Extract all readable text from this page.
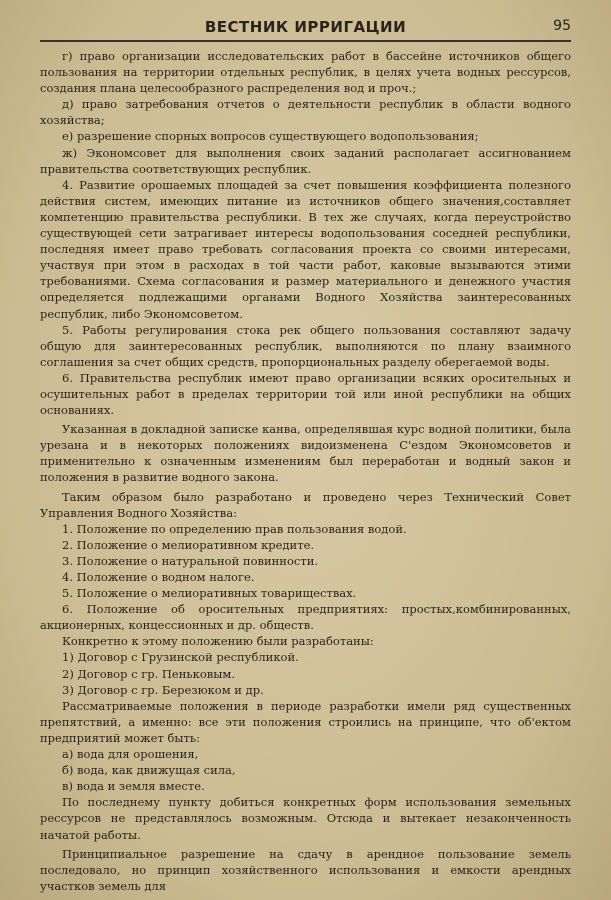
ВЕСТНИК ИРРИГАЦИИ	95

г) право организации исследовательских работ в бассейне источников общего пользования на территории отдельных республик, в целях учета водных рессурсов, создания плана целесообразного распределения вод и проч.;

д) право затребования отчетов о деятельности республик в области водного хозяйства;

е) разрешение спорных вопросов существующего водопользования;

ж) Экономсовет для выполнения своих заданий располагает ассигнованием правительства соответствующих республик.

4. Развитие орошаемых площадей за счет повышения коэффициента полезного действия систем, имеющих питание из источников общего значения,составляет компетенцию правительства республики. В тех же случаях, когда переустройство существующей сети затрагивает интересы водопользования соседней республики, последняя имеет право требовать согласования проекта со своими интересами, участвуя при этом в расходах в той части работ, каковые вызываются этими требованиями. Схема согласования и размер материального и денежного участия определяется подлежащими органами Водного Хозяйства заинтересованных республик, либо Экономсоветом.

5. Работы регулирования стока рек общего пользования составляют задачу общую для заинтересованных республик, выполняются по плану взаимного соглашения за счет общих средств, пропорциональных разделу оберегаемой воды.

6. Правительства республик имеют право организации всяких оросительных и осушительных работ в пределах территории той или иной республики на общих основаниях.

Указанная в докладной записке канва, определявшая курс водной политики, была урезана и в некоторых положениях видоизменена С'ездом Экономсоветов и применительно к означенным изменениям был переработан и водный закон и положения в развитие водного закона.

Таким образом было разработано и проведено через Технический Совет Управления Водного Хозяйства:

1. Положение по определению прав пользования водой.

2. Положение о мелиоративном кредите.

3. Положение о натуральной повинности.

4. Положение о водном налоге.

5. Положение о мелиоративных товариществах.

6. Положение об оросительных предприятиях: простых,комбинированных, акционерных, концессионных и др. обществ.

Конкретно к этому положению были разработаны:

1) Договор с Грузинской республикой.

2) Договор с гр. Пеньковым.

3) Договор с гр. Березюком и др.

Рассматриваемые положения в периоде разработки имели ряд существенных препятствий, а именно: все эти положения строились на принципе, что об'ектом предприятий может быть:

а) вода для орошения,

б) вода, как движущая сила,

в) вода и земля вместе.

По последнему пункту добиться конкретных форм использования земельных рессурсов не представлялось возможным. Отсюда и вытекает незаконченность начатой работы.

Принципиальное разрешение на сдачу в арендное пользование земель последовало, но принцип хозяйственного использования и емкости арендных участков земель для
